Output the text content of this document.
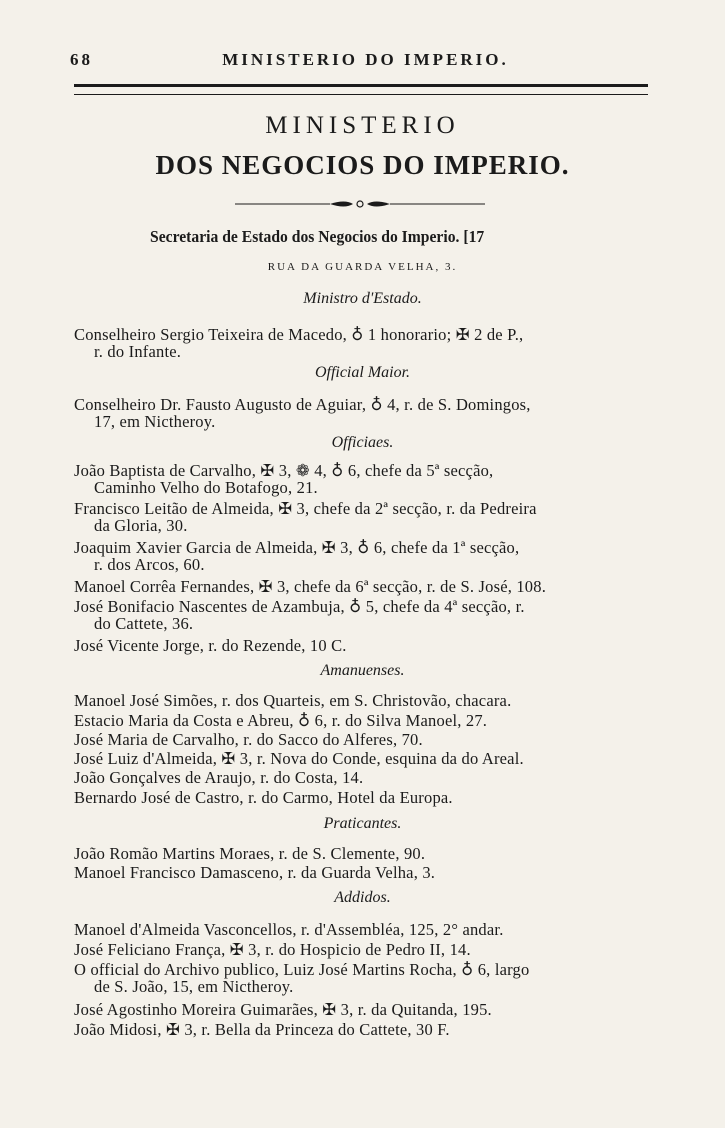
68	MINISTERIO DO IMPERIO.
MINISTERIO
DOS NEGOCIOS DO IMPERIO.
Secretaria de Estado dos Negocios do Imperio. [17
RUA DA GUARDA VELHA, 3.
Ministro d'Estado.
Conselheiro Sergio Teixeira de Macedo, ♁ 1 honorario; ✠ 2 de P.,
r. do Infante.
Official Maior.
Conselheiro Dr. Fausto Augusto de Aguiar, ♁ 4, r. de S. Domingos,
17, em Nictheroy.
Officiaes.
João Baptista de Carvalho, ✠ 3, ❁ 4, ♁ 6, chefe da 5ª secção,
Caminho Velho do Botafogo, 21.
Francisco Leitão de Almeida, ✠ 3, chefe da 2ª secção, r. da Pedreira
da Gloria, 30.
Joaquim Xavier Garcia de Almeida, ✠ 3, ♁ 6, chefe da 1ª secção,
r. dos Arcos, 60.
Manoel Corrêa Fernandes, ✠ 3, chefe da 6ª secção, r. de S. José, 108.
José Bonifacio Nascentes de Azambuja, ♁ 5, chefe da 4ª secção, r.
do Cattete, 36.
José Vicente Jorge, r. do Rezende, 10 C.
Amanuenses.
Manoel José Simões, r. dos Quarteis, em S. Christovão, chacara.
Estacio Maria da Costa e Abreu, ♁ 6, r. do Silva Manoel, 27.
José Maria de Carvalho, r. do Sacco do Alferes, 70.
José Luiz d'Almeida, ✠ 3, r. Nova do Conde, esquina da do Areal.
João Gonçalves de Araujo, r. do Costa, 14.
Bernardo José de Castro, r. do Carmo, Hotel da Europa.
Praticantes.
João Romão Martins Moraes, r. de S. Clemente, 90.
Manoel Francisco Damasceno, r. da Guarda Velha, 3.
Addidos.
Manoel d'Almeida Vasconcellos, r. d'Assembléa, 125, 2° andar.
José Feliciano França, ✠ 3, r. do Hospicio de Pedro II, 14.
O official do Archivo publico, Luiz José Martins Rocha, ♁ 6, largo
de S. João, 15, em Nictheroy.
José Agostinho Moreira Guimarães, ✠ 3, r. da Quitanda, 195.
João Midosi, ✠ 3, r. Bella da Princeza do Cattete, 30 F.
